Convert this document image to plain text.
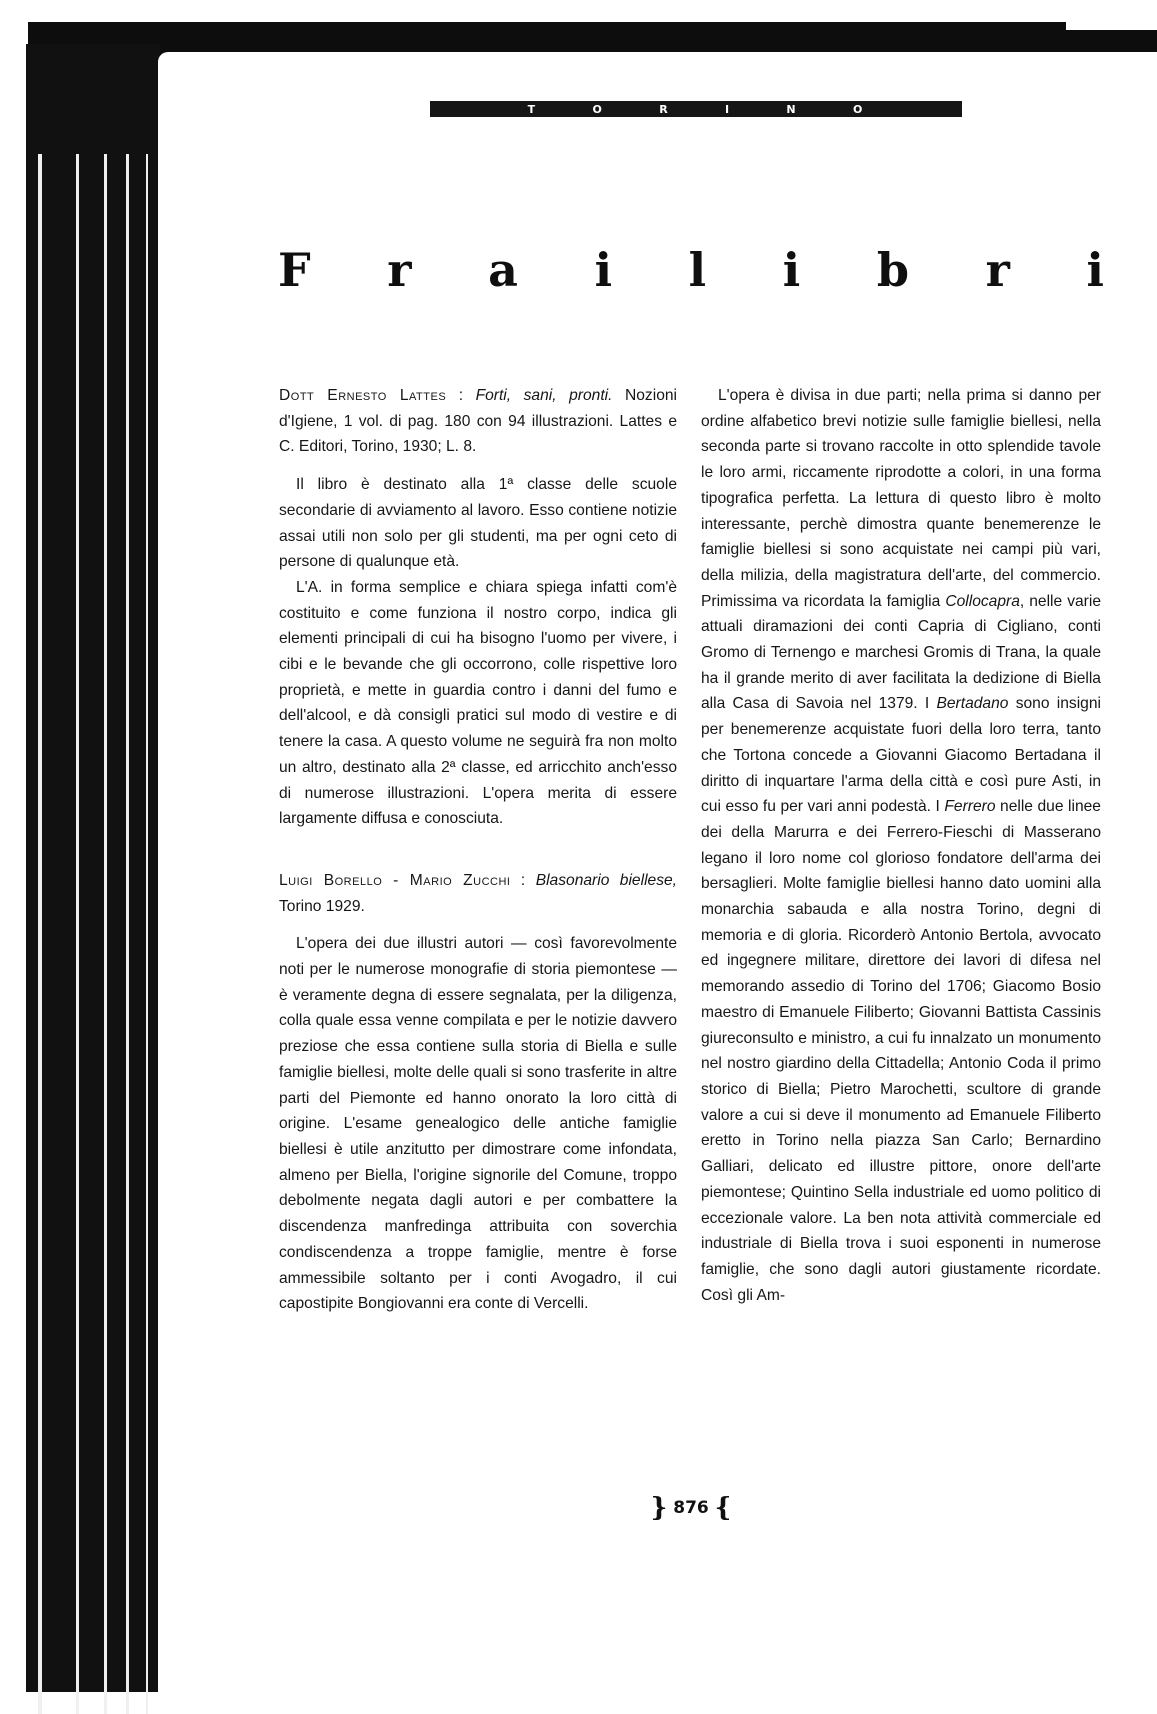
T	O	R	I	N	O
F r a i l i b r i

Dott Ernesto Lattes : Forti, sani, pronti. Nozioni d'Igiene, 1 vol. di pag. 180 con 94 illustrazioni. Lattes e C. Editori, Torino, 1930; L. 8.

Il libro è destinato alla 1ª classe delle scuole secondarie di avviamento al lavoro. Esso contiene notizie assai utili non solo per gli studenti, ma per ogni ceto di persone di qualunque età.

L'A. in forma semplice e chiara spiega infatti com'è costituito e come funziona il nostro corpo, indica gli elementi principali di cui ha bisogno l'uomo per vivere, i cibi e le bevande che gli occorrono, colle rispettive loro proprietà, e mette in guardia contro i danni del fumo e dell'alcool, e dà consigli pratici sul modo di vestire e di tenere la casa. A questo volume ne seguirà fra non molto un altro, destinato alla 2ª classe, ed arricchito anch'esso di numerose illustrazioni. L'opera merita di essere largamente diffusa e conosciuta.

Luigi Borello - Mario Zucchi : Blasonario biellese, Torino 1929.

L'opera dei due illustri autori — così favorevolmente noti per le numerose monografie di storia piemontese — è veramente degna di essere segnalata, per la diligenza, colla quale essa venne compilata e per le notizie davvero preziose che essa contiene sulla storia di Biella e sulle famiglie biellesi, molte delle quali si sono trasferite in altre parti del Piemonte ed hanno onorato la loro città di origine. L'esame genealogico delle antiche famiglie biellesi è utile anzitutto per dimostrare come infondata, almeno per Biella, l'origine signorile del Comune, troppo debolmente negata dagli autori e per combattere la discendenza manfredinga attribuita con soverchia condiscendenza a troppe famiglie, mentre è forse ammessibile soltanto per i conti Avogadro, il cui capostipite Bongiovanni era conte di Vercelli.

L'opera è divisa in due parti; nella prima si danno per ordine alfabetico brevi notizie sulle famiglie biellesi, nella seconda parte si trovano raccolte in otto splendide tavole le loro armi, riccamente riprodotte a colori, in una forma tipografica perfetta. La lettura di questo libro è molto interessante, perchè dimostra quante benemerenze le famiglie biellesi si sono acquistate nei campi più vari, della milizia, della magistratura dell'arte, del commercio. Primissima va ricordata la famiglia Collocapra, nelle varie attuali diramazioni dei conti Capria di Cigliano, conti Gromo di Ternengo e marchesi Gromis di Trana, la quale ha il grande merito di aver facilitata la dedizione di Biella alla Casa di Savoia nel 1379. I Bertadano sono insigni per benemerenze acquistate fuori della loro terra, tanto che Tortona concede a Giovanni Giacomo Bertadana il diritto di inquartare l'arma della città e così pure Asti, in cui esso fu per vari anni podestà. I Ferrero nelle due linee dei della Marurra e dei Ferrero-Fieschi di Masserano legano il loro nome col glorioso fondatore dell'arma dei bersaglieri. Molte famiglie biellesi hanno dato uomini alla monarchia sabauda e alla nostra Torino, degni di memoria e di gloria. Ricorderò Antonio Bertola, avvocato ed ingegnere militare, direttore dei lavori di difesa nel memorando assedio di Torino del 1706; Giacomo Bosio maestro di Emanuele Filiberto; Giovanni Battista Cassinis giureconsulto e ministro, a cui fu innalzato un monumento nel nostro giardino della Cittadella; Antonio Coda il primo storico di Biella; Pietro Marochetti, scultore di grande valore a cui si deve il monumento ad Emanuele Filiberto eretto in Torino nella piazza San Carlo; Bernardino Galliari, delicato ed illustre pittore, onore dell'arte piemontese; Quintino Sella industriale ed uomo politico di eccezionale valore. La ben nota attività commerciale ed industriale di Biella trova i suoi esponenti in numerose famiglie, che sono dagli autori giustamente ricordate. Così gli Am-

} 876 {
